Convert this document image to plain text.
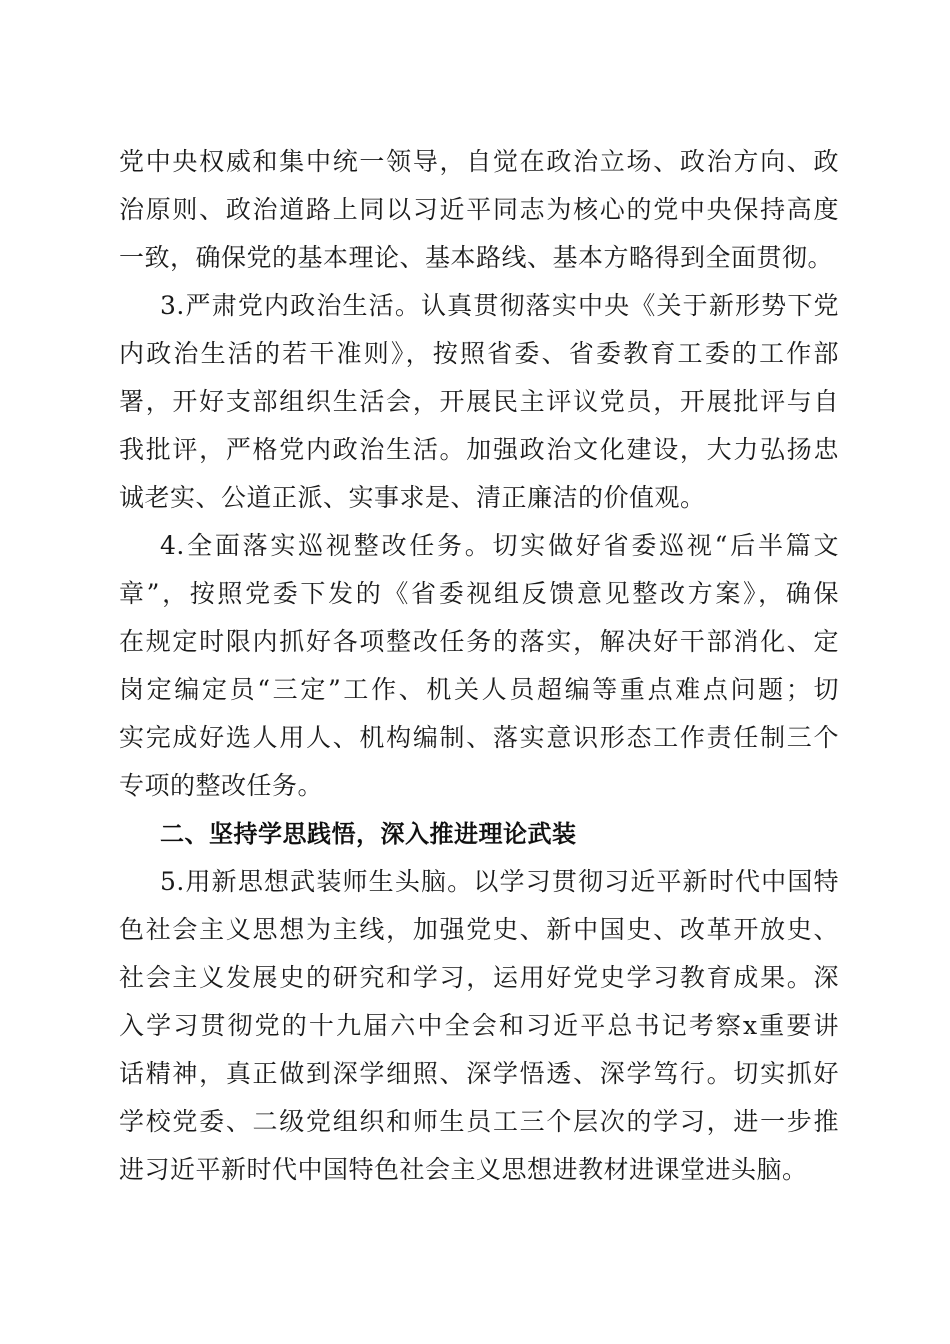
党中央权威和集中统一领导，自觉在政治立场、政治方向、政
治原则、政治道路上同以习近平同志为核心的党中央保持高度
一致，确保党的基本理论、基本路线、基本方略得到全面贯彻。
3.严肃党内政治生活。认真贯彻落实中央《关于新形势下党
内政治生活的若干准则》，按照省委、省委教育工委的工作部
署，开好支部组织生活会，开展民主评议党员，开展批评与自
我批评，严格党内政治生活。加强政治文化建设，大力弘扬忠
诚老实、公道正派、实事求是、清正廉洁的价值观。
4.全面落实巡视整改任务。切实做好省委巡视“后半篇文
章”，按照党委下发的《省委视组反馈意见整改方案》，确保
在规定时限内抓好各项整改任务的落实，解决好干部消化、定
岗定编定员“三定”工作、机关人员超编等重点难点问题；切
实完成好选人用人、机构编制、落实意识形态工作责任制三个
专项的整改任务。
二、坚持学思践悟，深入推进理论武装
5.用新思想武装师生头脑。以学习贯彻习近平新时代中国特
色社会主义思想为主线，加强党史、新中国史、改革开放史、
社会主义发展史的研究和学习，运用好党史学习教育成果。深
入学习贯彻党的十九届六中全会和习近平总书记考察x重要讲
话精神，真正做到深学细照、深学悟透、深学笃行。切实抓好
学校党委、二级党组织和师生员工三个层次的学习，进一步推
进习近平新时代中国特色社会主义思想进教材进课堂进头脑。
